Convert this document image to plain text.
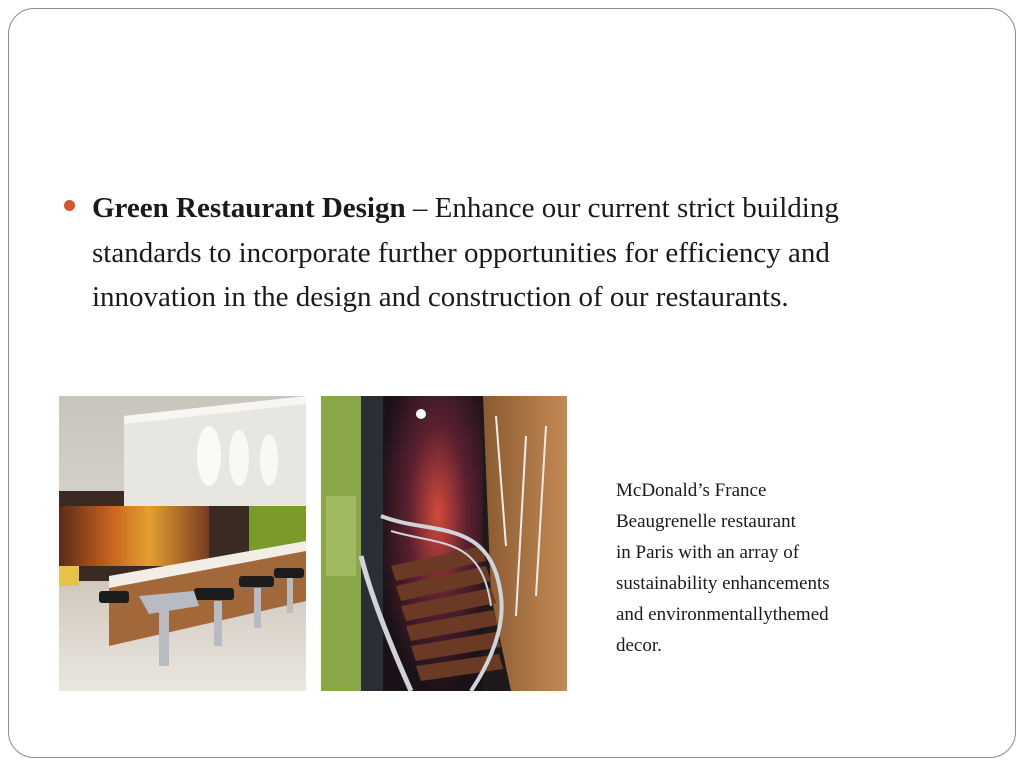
Green Restaurant Design – Enhance our current strict building standards to incorporate further opportunities for efficiency and innovation in the design and construction of our restaurants.
McDonald’s France
Beaugrenelle restaurant
in Paris with an array of
sustainability enhancements
and environmentallythemed
decor.
